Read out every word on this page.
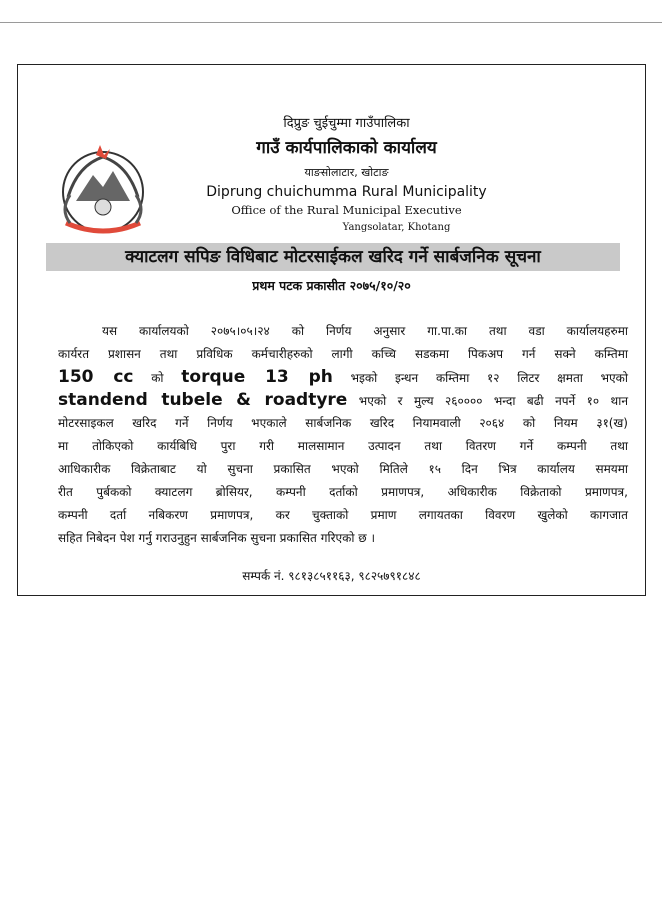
दिप्रुङ चुईचुम्मा गाउँपालिका
गाउँ कार्यपालिकाको कार्यालय
याङसोलाटार, खोटाङ
Diprung chuichumma Rural Municipality
Office of the Rural Municipal Executive
Yangsolatar, Khotang
क्याटलग सपिङ विधिबाट मोटरसाईकल खरिद गर्ने सार्बजनिक सूचना
प्रथम पटक प्रकासीत २०७५/१०/२०
यस कार्यालयको २०७५।०५।२४ को निर्णय अनुसार गा.पा.का तथा वडा कार्यालयहरुमा
कार्यरत प्रशासन तथा प्रविधिक कर्मचारीहरुको लागी कच्चि सडकमा पिकअप गर्न सक्ने कम्तिमा
150 cc को torque 13 ph भइको इन्धन कम्तिमा १२ लिटर क्षमता भएको
standend tubele & roadtyre भएको र मुल्य २६०००० भन्दा बढी नपर्ने १० थान
मोटरसाइकल खरिद गर्ने निर्णय भएकाले सार्बजनिक खरिद नियामवाली २०६४ को नियम ३१(ख)
मा तोकिएको कार्यबिधि पुरा गरी मालसामान उत्पादन तथा वितरण गर्ने कम्पनी तथा
आधिकारीक विक्रेताबाट यो सुचना प्रकासित भएको मितिले १५ दिन भित्र कार्यालय समयमा
रीत पुर्बकको क्याटलग ब्रोसियर, कम्पनी दर्ताको प्रमाणपत्र, अधिकारीक विक्रेताको प्रमाणपत्र,
कम्पनी दर्ता नबिकरण प्रमाणपत्र, कर चुक्ताको प्रमाण लगायतका विवरण खुलेको कागजात
सहित निबेदन पेश गर्नु गराउनुहुन सार्बजनिक सुचना प्रकासित गरिएको छ ।
सम्पर्क नं. ९८१३८५११६३, ९८२५७९१८४८
